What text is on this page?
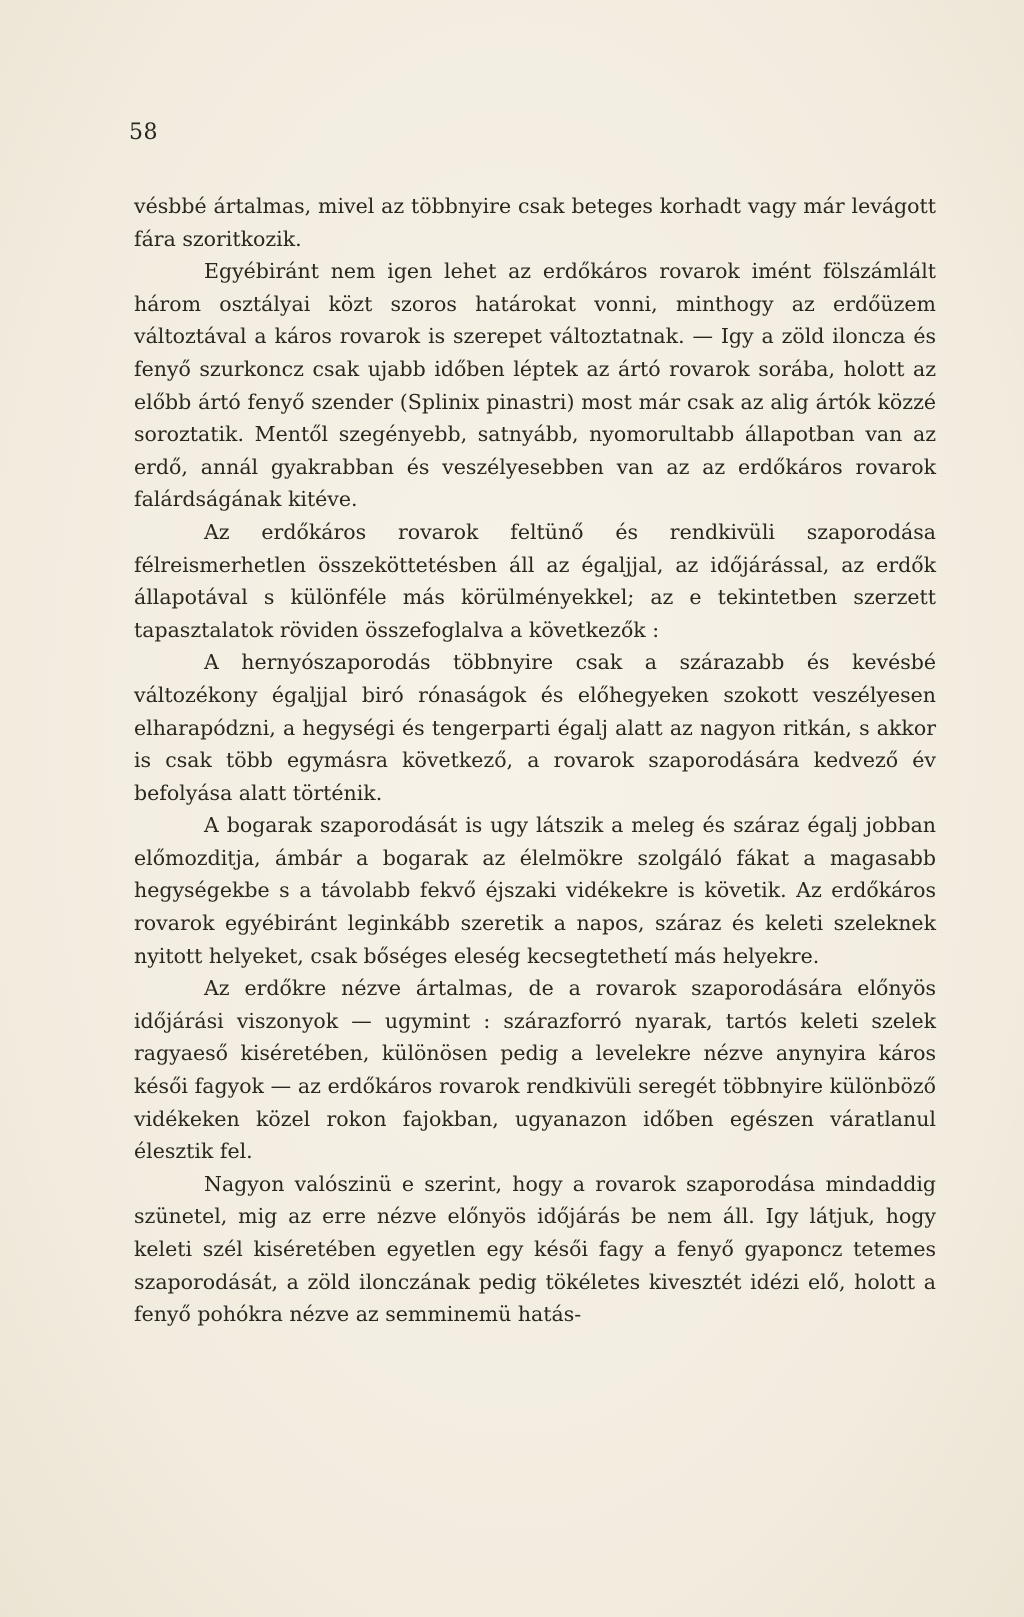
58

vésbbé ártalmas, mivel az többnyire csak beteges korhadt vagy már levágott fára szoritkozik.

Egyébiránt nem igen lehet az erdőkáros rovarok imént fölszámlált három osztályai közt szoros határokat vonni, minthogy az erdőüzem változtával a káros rovarok is szerepet változtatnak. — Igy a zöld ilonczа és fenyő szurkoncz csak ujabb időben léptek az ártó rovarok sorába, holott az előbb ártó fenyő szender (Splinix pinastri) most már csak az alig ártók közzé soroztatik. Mentől szegényebb, satnyább, nyomorultabb állapotban van az erdő, annál gyakrabban és veszélyesebben van az az erdőkáros rovarok falárdságának kitéve.

Az erdőkáros rovarok feltünő és rendkivüli szaporodása félreismerhetlen összeköttetésben áll az égaljjal, az időjárással, az erdők állapotával s különféle más körülményekkel; az e tekintetben szerzett tapasztalatok röviden összefoglalva a következők :

A hernyószaporodás többnyire csak a szárazabb és kevésbé változékony égaljjal biró rónaságok és előhegyeken szokott veszélyesen elharapódzni, a hegységi és tengerparti égalj alatt az nagyon ritkán, s akkor is csak több egymásra következő, a rovarok szaporodására kedvező év befolyása alatt történik.

A bogarak szaporodását is ugy látszik a meleg és száraz égalj jobban előmozditja, ámbár a bogarak az élelmökre szolgáló fákat a magasabb hegységekbe s a távolabb fekvő éjszaki vidékekre is követik. Az erdőkáros rovarok egyébiránt leginkább szeretik a napos, száraz és keleti szeleknek nyitott helyeket, csak bőséges eleség kecsegtethetí más helyekre.

Az erdőkre nézve ártalmas, de a rovarok szaporodására előnyös időjárási viszonyok — ugymint : szárazforró nyarak, tartós keleti szelek ragyaeső kiséretében, különösen pedig a levelekre nézve anynyira káros késői fagyok — az erdőkáros rovarok rendkivüli seregét többnyire különböző vidékeken közel rokon fajokban, ugyanazon időben egészen váratlanul élesztik fel.

Nagyon valószinü e szerint, hogy a rovarok szaporodása mindaddig szünetel, mig az erre nézve előnyös időjárás be nem áll. Igy látjuk, hogy keleti szél kiséretében egyetlen egy késői fagy a fenyő gyaponcz tetemes szaporodását, a zöld ilonczának pedig tökéletes kivesztét idézi elő, holott a fenyő pohókra nézve az semminemü hatás-
